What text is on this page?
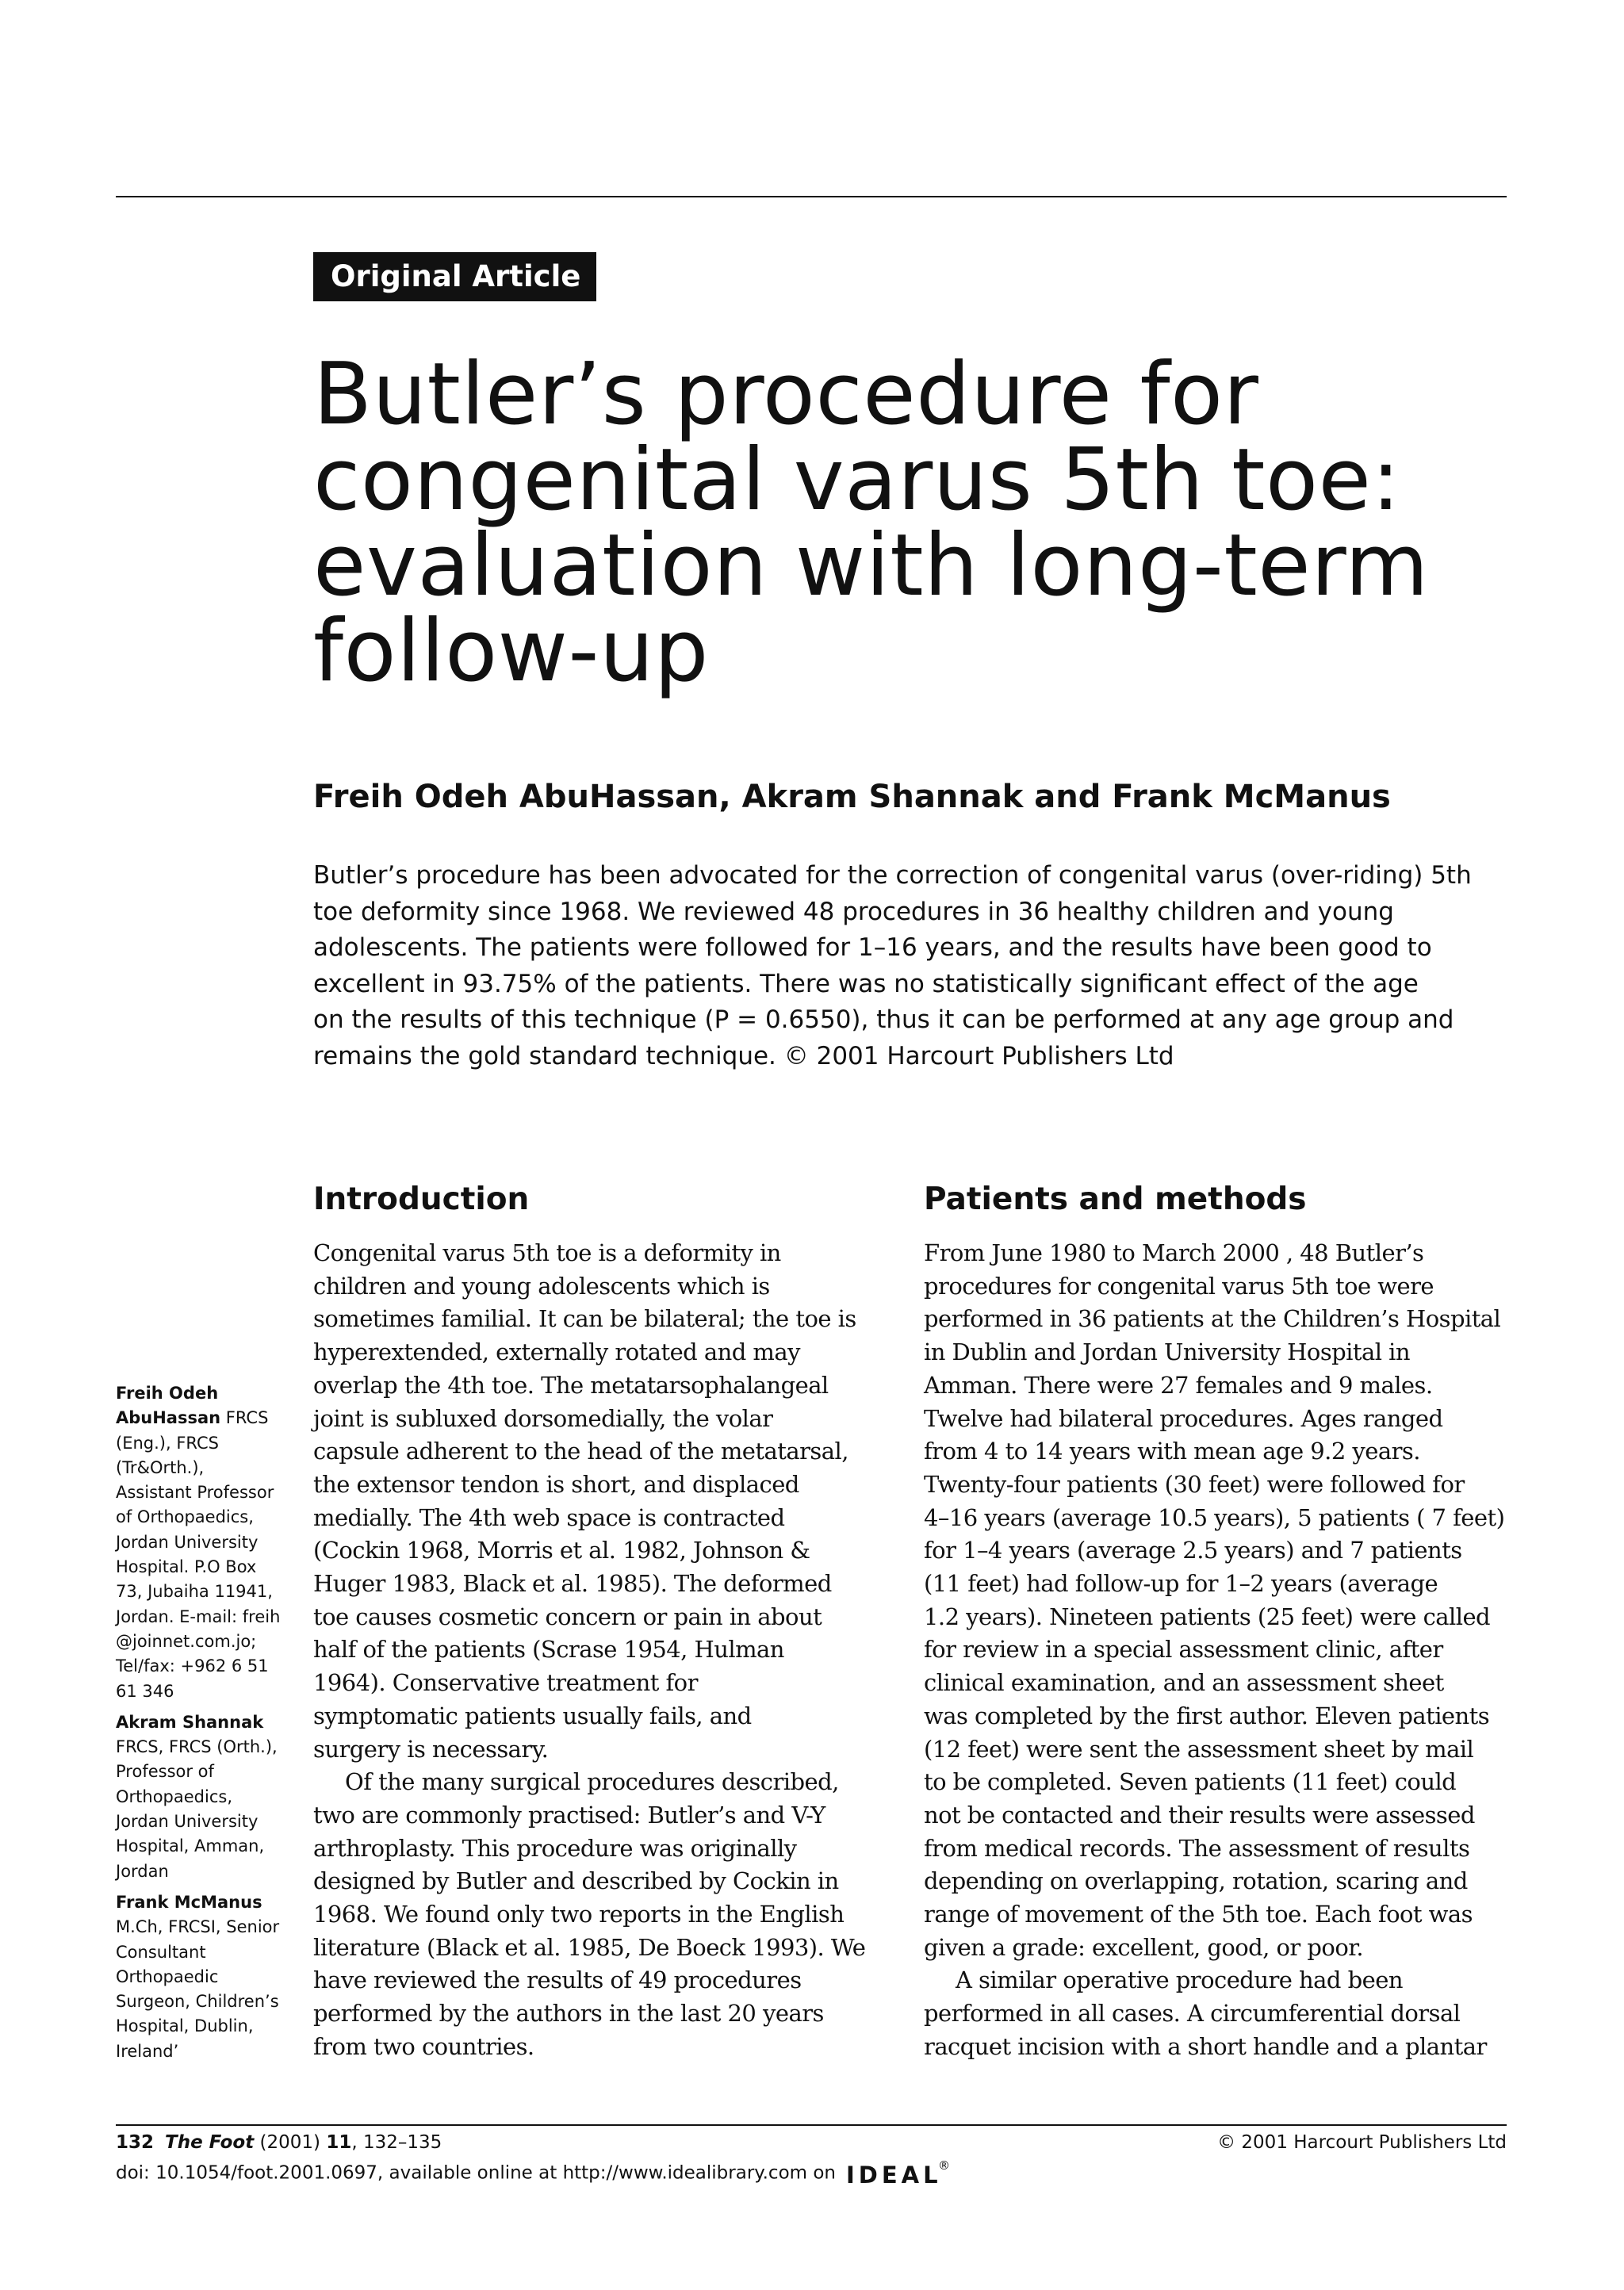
Original Article
Butler’s procedure for
congenital varus 5th toe:
evaluation with long-term
follow-up
Freih Odeh AbuHassan, Akram Shannak and Frank McManus
Butler’s procedure has been advocated for the correction of congenital varus (over-riding) 5th
toe deformity since 1968. We reviewed 48 procedures in 36 healthy children and young
adolescents. The patients were followed for 1–16 years, and the results have been good to
excellent in 93.75% of the patients. There was no statistically significant effect of the age
on the results of this technique (P = 0.6550), thus it can be performed at any age group and
remains the gold standard technique. © 2001 Harcourt Publishers Ltd
Freih Odeh
AbuHassan FRCS
(Eng.), FRCS
(Tr&Orth.),
Assistant Professor
of Orthopaedics,
Jordan University
Hospital. P.O Box
73, Jubaiha 11941,
Jordan. E-mail: freih
@joinnet.com.jo;
Tel/fax: +962 6 51
61 346
Akram Shannak
FRCS, FRCS (Orth.),
Professor of
Orthopaedics,
Jordan University
Hospital, Amman,
Jordan
Frank McManus
M.Ch, FRCSI, Senior
Consultant
Orthopaedic
Surgeon, Children’s
Hospital, Dublin,
Ireland’
Introduction
Congenital varus 5th toe is a deformity in
children and young adolescents which is
sometimes familial. It can be bilateral; the toe is
hyperextended, externally rotated and may
overlap the 4th toe. The metatarsophalangeal
joint is subluxed dorsomedially, the volar
capsule adherent to the head of the metatarsal,
the extensor tendon is short, and displaced
medially. The 4th web space is contracted
(Cockin 1968, Morris et al. 1982, Johnson &
Huger 1983, Black et al. 1985). The deformed
toe causes cosmetic concern or pain in about
half of the patients (Scrase 1954, Hulman
1964). Conservative treatment for
symptomatic patients usually fails, and
surgery is necessary.
Of the many surgical procedures described,
two are commonly practised: Butler’s and V-Y
arthroplasty. This procedure was originally
designed by Butler and described by Cockin in
1968. We found only two reports in the English
literature (Black et al. 1985, De Boeck 1993). We
have reviewed the results of 49 procedures
performed by the authors in the last 20 years
from two countries.
Patients and methods
From June 1980 to March 2000 , 48 Butler’s
procedures for congenital varus 5th toe were
performed in 36 patients at the Children’s Hospital
in Dublin and Jordan University Hospital in
Amman. There were 27 females and 9 males.
Twelve had bilateral procedures. Ages ranged
from 4 to 14 years with mean age 9.2 years.
Twenty-four patients (30 feet) were followed for
4–16 years (average 10.5 years), 5 patients ( 7 feet)
for 1–4 years (average 2.5 years) and 7 patients
(11 feet) had follow-up for 1–2 years (average
1.2 years). Nineteen patients (25 feet) were called
for review in a special assessment clinic, after
clinical examination, and an assessment sheet
was completed by the first author. Eleven patients
(12 feet) were sent the assessment sheet by mail
to be completed. Seven patients (11 feet) could
not be contacted and their results were assessed
from medical records. The assessment of results
depending on overlapping, rotation, scaring and
range of movement of the 5th toe. Each foot was
given a grade: excellent, good, or poor.
A similar operative procedure had been
performed in all cases. A circumferential dorsal
racquet incision with a short handle and a plantar
132 The Foot (2001) 11, 132–135
doi: 10.1054/foot.2001.0697, available online at http://www.idealibrary.com on IDEAL
®
© 2001 Harcourt Publishers Ltd
